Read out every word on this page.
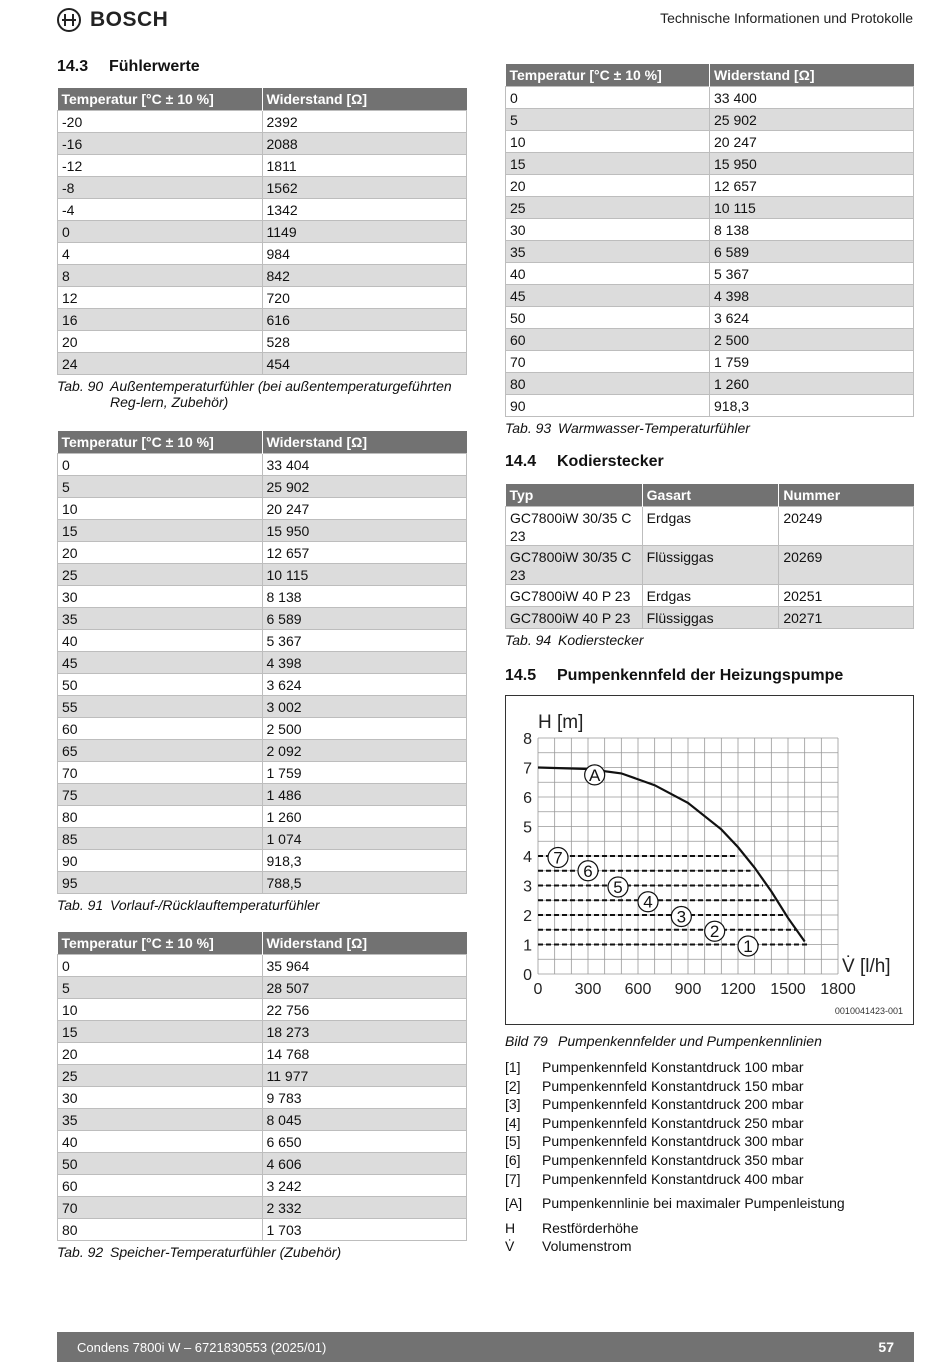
BOSCH	Technische Informationen und Protokolle
14.3	Fühlerwerte
Temperatur [°C ± 10 %]	Widerstand [Ω]
-20	2392
-16	2088
-12	1811
-8	1562
-4	1342
0	1149
4	984
8	842
12	720
16	616
20	528
24	454
Tab. 90 Außentemperaturfühler (bei außentemperaturgeführten Reg-lern, Zubehör)
Temperatur [°C ± 10 %]	Widerstand [Ω]
0	33 404
5	25 902
10	20 247
15	15 950
20	12 657
25	10 115
30	8 138
35	6 589
40	5 367
45	4 398
50	3 624
55	3 002
60	2 500
65	2 092
70	1 759
75	1 486
80	1 260
85	1 074
90	918,3
95	788,5
Tab. 91 Vorlauf-/Rücklauftemperaturfühler
Temperatur [°C ± 10 %]	Widerstand [Ω]
0	35 964
5	28 507
10	22 756
15	18 273
20	14 768
25	11 977
30	9 783
35	8 045
40	6 650
50	4 606
60	3 242
70	2 332
80	1 703
Tab. 92 Speicher-Temperaturfühler (Zubehör)
Temperatur [°C ± 10 %]	Widerstand [Ω]
0	33 400
5	25 902
10	20 247
15	15 950
20	12 657
25	10 115
30	8 138
35	6 589
40	5 367
45	4 398
50	3 624
60	2 500
70	1 759
80	1 260
90	918,3
Tab. 93 Warmwasser-Temperaturfühler
14.4	Kodierstecker
Typ	Gasart	Nummer
GC7800iW 30/35 C 23	Erdgas	20249
GC7800iW 30/35 C 23	Flüssiggas	20269
GC7800iW 40 P 23	Erdgas	20251
GC7800iW 40 P 23	Flüssiggas	20271
Tab. 94 Kodierstecker
14.5	Pumpenkennfeld der Heizungspumpe
0
1
2
3
4
5
6
7
8
0 300 600 900 1200 1500 1800
H [m]
V̇ [l/h]
A
7
6
5
4
3
2
1
0010041423-001
Bild 79 Pumpenkennfelder und Pumpenkennlinien
[1]	Pumpenkennfeld Konstantdruck 100 mbar
[2]	Pumpenkennfeld Konstantdruck 150 mbar
[3]	Pumpenkennfeld Konstantdruck 200 mbar
[4]	Pumpenkennfeld Konstantdruck 250 mbar
[5]	Pumpenkennfeld Konstantdruck 300 mbar
[6]	Pumpenkennfeld Konstantdruck 350 mbar
[7]	Pumpenkennfeld Konstantdruck 400 mbar
[A]	Pumpenkennlinie bei maximaler Pumpenleistung
H	Restförderhöhe
V̇	Volumenstrom
Condens 7800i W – 6721830553 (2025/01)	57
